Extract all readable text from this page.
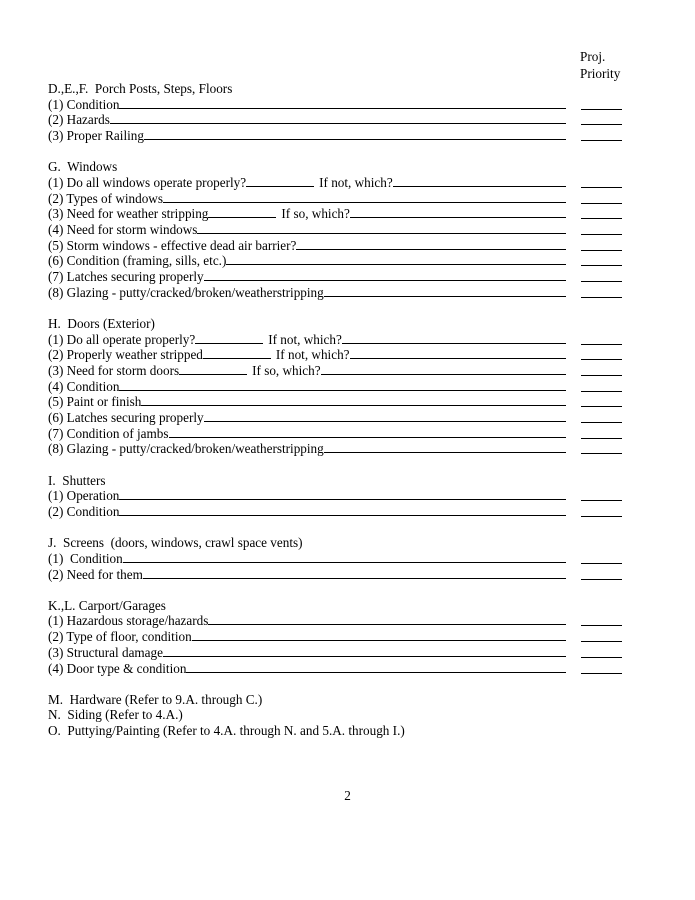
Proj.
Priority
D.,E.,F.  Porch Posts, Steps, Floors
(1) Condition
(2) Hazards
(3) Proper Railing
G.  Windows
(1) Do all windows operate properly?	If not, which?
(2) Types of windows
(3) Need for weather stripping	If so, which?
(4) Need for storm windows
(5) Storm windows - effective dead air barrier?
(6) Condition (framing, sills, etc.)
(7) Latches securing properly
(8) Glazing - putty/cracked/broken/weatherstripping
H.  Doors (Exterior)
(1) Do all operate properly?	If not, which?
(2) Properly weather stripped	If not, which?
(3) Need for storm doors	If so, which?
(4) Condition
(5) Paint or finish
(6) Latches securing properly
(7) Condition of jambs
(8) Glazing - putty/cracked/broken/weatherstripping
I.  Shutters
(1) Operation
(2) Condition
J.  Screens  (doors, windows, crawl space vents)
(1)  Condition
(2) Need for them
K.,L. Carport/Garages
(1) Hazardous storage/hazards
(2) Type of floor, condition
(3) Structural damage
(4) Door type & condition
M.  Hardware (Refer to 9.A. through C.)
N.  Siding (Refer to 4.A.)
O.  Puttying/Painting (Refer to 4.A. through N. and 5.A. through I.)
2
